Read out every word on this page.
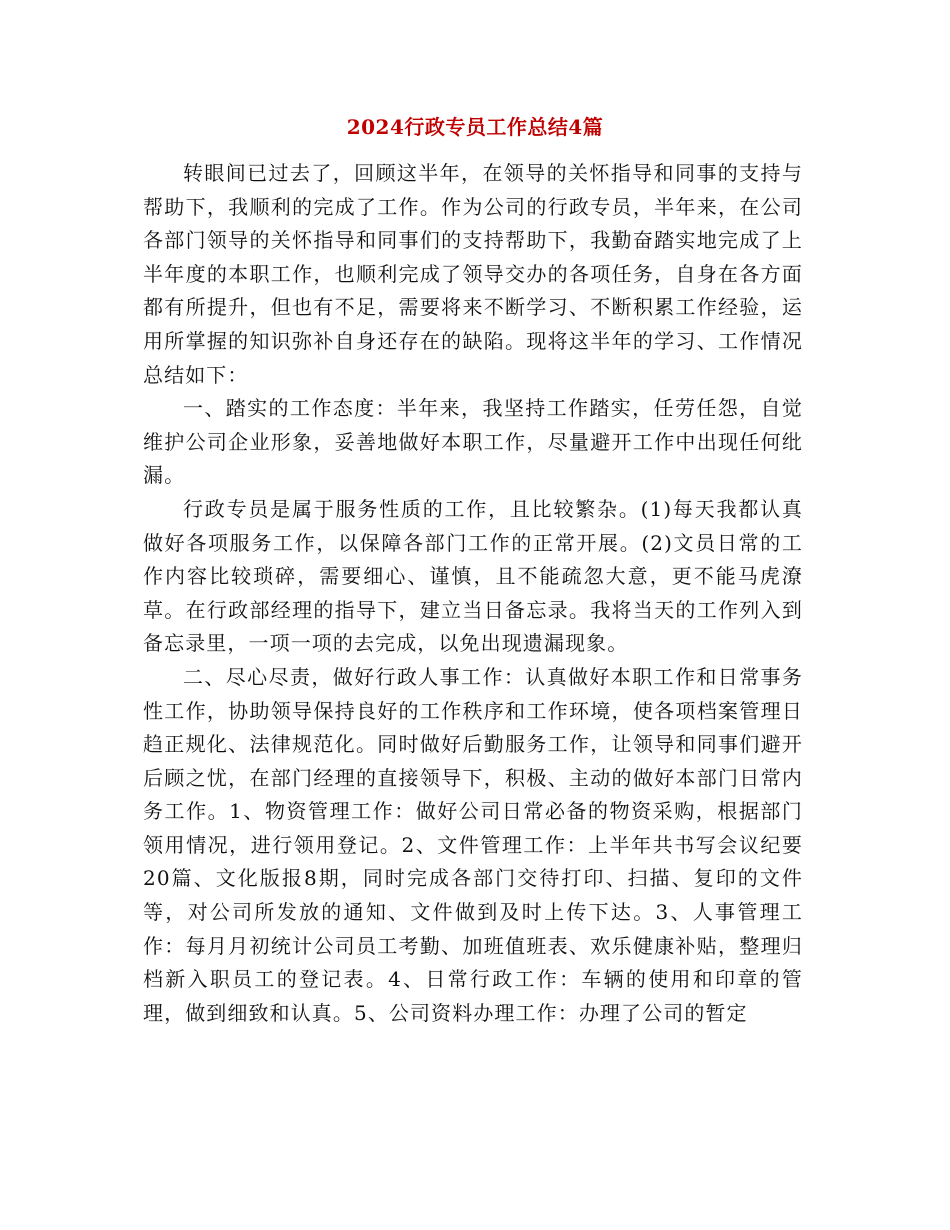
2024行政专员工作总结4篇

转眼间已过去了，回顾这半年，在领导的关怀指导和同事的支持与帮助下，我顺利的完成了工作。作为公司的行政专员，半年来，在公司各部门领导的关怀指导和同事们的支持帮助下，我勤奋踏实地完成了上半年度的本职工作，也顺利完成了领导交办的各项任务，自身在各方面都有所提升，但也有不足，需要将来不断学习、不断积累工作经验，运用所掌握的知识弥补自身还存在的缺陷。现将这半年的学习、工作情况总结如下：

一、踏实的工作态度：半年来，我坚持工作踏实，任劳任怨，自觉维护公司企业形象，妥善地做好本职工作，尽量避开工作中出现任何纰漏。

行政专员是属于服务性质的工作，且比较繁杂。(1)每天我都认真做好各项服务工作，以保障各部门工作的正常开展。(2)文员日常的工作内容比较琐碎，需要细心、谨慎，且不能疏忽大意，更不能马虎潦草。在行政部经理的指导下，建立当日备忘录。我将当天的工作列入到备忘录里，一项一项的去完成，以免出现遗漏现象。

二、尽心尽责，做好行政人事工作：认真做好本职工作和日常事务性工作，协助领导保持良好的工作秩序和工作环境，使各项档案管理日趋正规化、法律规范化。同时做好后勤服务工作，让领导和同事们避开后顾之忧，在部门经理的直接领导下，积极、主动的做好本部门日常内务工作。1、物资管理工作：做好公司日常必备的物资采购，根据部门领用情况，进行领用登记。2、文件管理工作：上半年共书写会议纪要20篇、文化版报8期，同时完成各部门交待打印、扫描、复印的文件等，对公司所发放的通知、文件做到及时上传下达。3、人事管理工作：每月月初统计公司员工考勤、加班值班表、欢乐健康补贴，整理归档新入职员工的登记表。4、日常行政工作：车辆的使用和印章的管理，做到细致和认真。5、公司资料办理工作：办理了公司的暂定
